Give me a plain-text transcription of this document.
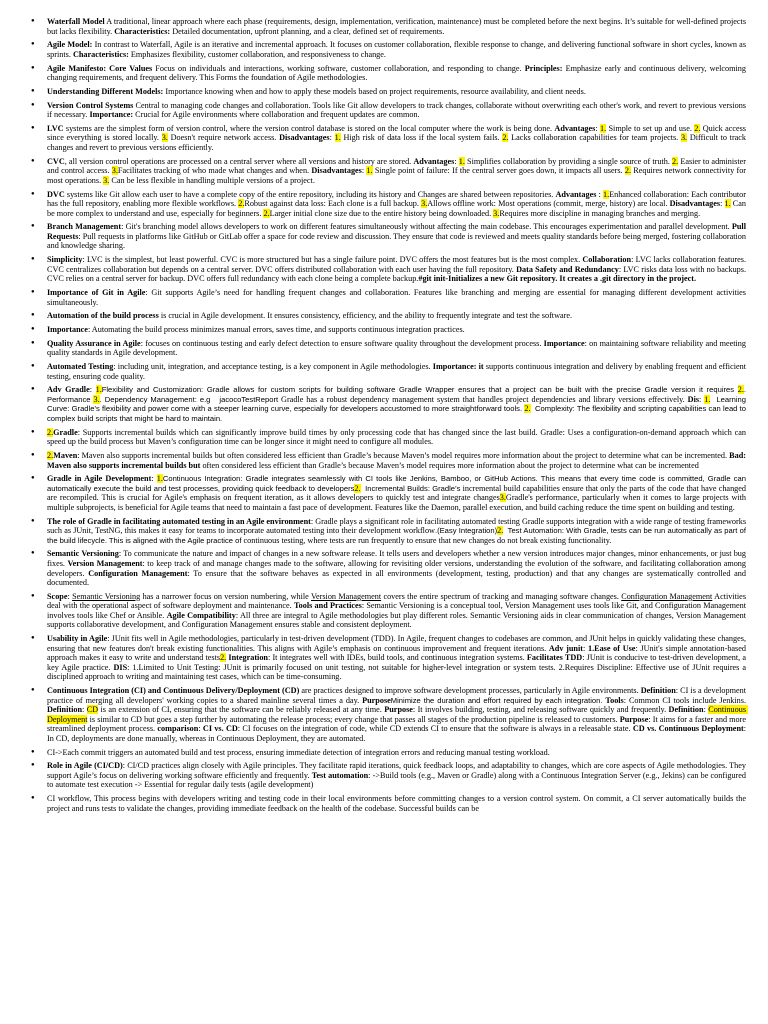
● Waterfall Model A traditional, linear approach where each phase (requirements, design, implementation, verification, maintenance) must be completed before the next begins. It’s suitable for well-defined projects but lacks flexibility. Characteristics: Detailed documentation, upfront planning, and a clear, defined set of requirements.
● Agile Model: In contrast to Waterfall, Agile is an iterative and incremental approach. It focuses on customer collaboration, flexible response to change, and delivering functional software in short cycles, known as sprints. Characteristics: Emphasizes flexibility, customer collaboration, and responsiveness to change.
● Agile Manifesto: Core Values Focus on individuals and interactions, working software, customer collaboration, and responding to change. Principles: Emphasize early and continuous delivery, welcoming changing requirements, and frequent delivery. This Forms the foundation of Agile methodologies.
● Understanding Different Models: Importance knowing when and how to apply these models based on project requirements, resource availability, and client needs.
● Version Control Systems Central to managing code changes and collaboration. Tools like Git allow developers to track changes, collaborate without overwriting each other's work, and revert to previous versions if necessary. Importance: Crucial for Agile environments where collaboration and frequent updates are common.
● LVC systems are the simplest form of version control, where the version control database is stored on the local computer where the work is being done. Advantages: 1. Simple to set up and use. 2. Quick access since everything is stored locally. 3. Doesn't require network access. Disadvantages: 1. High risk of data loss if the local system fails. 2. Lacks collaboration capabilities for team projects. 3. Difficult to track changes and revert to previous versions efficiently.
● CVC, all version control operations are processed on a central server where all versions and history are stored. Advantages: 1. Simplifies collaboration by providing a single source of truth. 2. Easier to administer and control access. 3.Facilitates tracking of who made what changes and when. Disadvantages: 1. Single point of failure: If the central server goes down, it impacts all users. 2. Requires network connectivity for most operations. 3. Can be less flexible in handling multiple versions of a project.
● DVC systems like Git allow each user to have a complete copy of the entire repository, including its history and Changes are shared between repositories. Advantages : 1.Enhanced collaboration: Each contributor has the full repository, enabling more flexible workflows. 2.Robust against data loss: Each clone is a full backup. 3.Allows offline work: Most operations (commit, merge, history) are local. Disadvantages: 1. Can be more complex to understand and use, especially for beginners. 2.Larger initial clone size due to the entire history being downloaded. 3.Requires more discipline in managing branches and merging.
● Branch Management: Git's branching model allows developers to work on different features simultaneously without affecting the main codebase. This encourages experimentation and parallel development. Pull Requests: Pull requests in platforms like GitHub or GitLab offer a space for code review and discussion. They ensure that code is reviewed and meets quality standards before being merged, fostering collaboration and knowledge sharing.
● Simplicity: LVC is the simplest, but least powerful. CVC is more structured but has a single failure point. DVC offers the most features but is the most complex. Collaboration: LVC lacks collaboration features. CVC centralizes collaboration but depends on a central server. DVC offers distributed collaboration with each user having the full repository. Data Safety and Redundancy: LVC risks data loss with no backups. CVC relies on a central server for backup. DVC offers full redundancy with each clone being a complete backup.#git init-Initializes a new Git repository. It creates a .git directory in the project.
● Importance of Git in Agile: Git supports Agile’s need for handling frequent changes and collaboration. Features like branching and merging are essential for managing different development activities simultaneously.
● Automation of the build process is crucial in Agile development. It ensures consistency, efficiency, and the ability to frequently integrate and test the software.
● Importance: Automating the build process minimizes manual errors, saves time, and supports continuous integration practices.
● Quality Assurance in Agile: focuses on continuous testing and early defect detection to ensure software quality throughout the development process. Importance: on maintaining software reliability and meeting quality standards in Agile development.
● Automated Testing: including unit, integration, and acceptance testing, is a key component in Agile methodologies. Importance: it supports continuous integration and delivery by enabling frequent and efficient testing, ensuring code quality.
● Adv Gradle: 1.Flexibility and Customization: Gradle allows for custom scripts for building software Gradle Wrapper ensures that a project can be built with the precise Gradle version it requires 2.. Performance 3.. Dependency Management: e.g   jacocoTestReport Gradle has a robust dependency management system that handles project dependencies and library versions effectively. Dis: 1.  Learning Curve: Gradle’s flexibility and power come with a steeper learning curve, especially for developers accustomed to more straightforward tools. 2.  Complexity: The flexibility and scripting capabilities can lead to complex build scripts that might be hard to maintain.
● 2.Gradle: Supports incremental builds which can significantly improve build times by only processing code that has changed since the last build. Gradle: Uses a configuration-on-demand approach which can speed up the build process but Maven’s configuration time can be longer since it might need to configure all modules.
● 2.Maven: Maven also supports incremental builds but often considered less efficient than Gradle’s because Maven’s model requires more information about the project to determine what can be incremented. Bad: Maven also supports incremental builds but often considered less efficient than Gradle’s because Maven’s model requires more information about the project to determine what can be incremented
● Gradle in Agile Development: 1.Continuous Integration: Gradle integrates seamlessly with CI tools like Jenkins, Bamboo, or GitHub Actions. This means that every time code is committed, Gradle can automatically execute the build and test processes, providing quick feedback to developers2.  Incremental Builds: Gradle’s incremental build capabilities ensure that only the parts of the code that have changed are recompiled. This is crucial for Agile's emphasis on frequent iteration, as it allows developers to quickly test and integrate changes3.Gradle's performance, particularly when it comes to large projects with multiple subprojects, is beneficial for Agile teams that need to maintain a fast pace of development. Features like the Daemon, parallel execution, and build caching reduce the time spent on building and testing.
● The role of Gradle in facilitating automated testing in an Agile environment: Gradle plays a significant role in facilitating automated testing Gradle supports integration with a wide range of testing frameworks such as JUnit, TestNG, this makes it easy for teams to incorporate automated testing into their development workflow.(Easy Integration)2.  Test Automation: With Gradle, tests can be run automatically as part of the build lifecycle. This is aligned with the Agile practice of continuous testing, where tests are run frequently to ensure that new changes do not break existing functionality.
● Semantic Versioning: To communicate the nature and impact of changes in a new software release. It tells users and developers whether a new version introduces major changes, minor enhancements, or just bug fixes. Version Management: to keep track of and manage changes made to the software, allowing for revisiting older versions, understanding the evolution of the software, and facilitating collaboration among developers. Configuration Management: To ensure that the software behaves as expected in all environments (development, testing, production) and that any changes are systematically controlled and documented.
● Scope: Semantic Versioning has a narrower focus on version numbering, while Version Management covers the entire spectrum of tracking and managing software changes. Configuration Management Activities deal with the operational aspect of software deployment and maintenance. Tools and Practices: Semantic Versioning is a conceptual tool, Version Management uses tools like Git, and Configuration Management involves tools like Chef or Ansible. Agile Compatibility: All three are integral to Agile methodologies but play different roles. Semantic Versioning aids in clear communication of changes, Version Management supports collaborative development, and Configuration Management ensures stable and consistent deployment.
● Usability in Agile: JUnit fits well in Agile methodologies, particularly in test-driven development (TDD). In Agile, frequent changes to codebases are common, and JUnit helps in quickly validating these changes, ensuring that new features don't break existing functionalities. This aligns with Agile’s emphasis on continuous improvement and frequent iterations. Adv junit: 1.Ease of Use: JUnit's simple annotation-based approach makes it easy to write and understand tests2. Integration: It integrates well with IDEs, build tools, and continuous integration systems. Facilitates TDD: JUnit is conducive to test-driven development, a key Agile practice. DIS: 1.Limited to Unit Testing: JUnit is primarily focused on unit testing, not suitable for higher-level integration or system tests. 2.Requires Discipline: Effective use of JUnit requires a disciplined approach to writing and maintaining test cases, which can be time-consuming.
● Continuous Integration (CI) and Continuous Delivery/Deployment (CD) are practices designed to improve software development processes, particularly in Agile environments. Definition: CI is a development  practice of merging all developers' working copies to a shared mainline several times a day. PurposeMinimize the duration and effort required by each integration. Tools: Common CI tools include Jenkins. Definition: CD is an extension of CI, ensuring that the software can be reliably released at any time. Purpose: It involves building, testing, and releasing software quickly and frequently. Definition: Continuous Deployment is similar to CD but goes a step further by automating the release process; every change that passes all stages of the production pipeline is released to customers. Purpose: It aims for a faster and more streamlined deployment process. comparison: CI vs. CD: CI focuses on the integration of code, while CD extends CI to ensure that the software is always in a releasable state. CD vs. Continuous Deployment: In CD, deployments are done manually, whereas in Continuous Deployment, they are automated.
● CI->Each commit triggers an automated build and test process, ensuring immediate detection of integration errors and reducing manual testing workload.
● Role in Agile (CI/CD): CI/CD practices align closely with Agile principles. They facilitate rapid iterations, quick feedback loops, and adaptability to changes, which are core aspects of Agile methodologies. They support Agile’s focus on delivering working software efficiently and frequently. Test automation: ->Build tools (e.g., Maven or Gradle) along with a Continuous Integration Server (e.g., Jekins) can be configured to automate test execution -> Essential for regular daily tests (agile development)
● CI workflow, This process begins with developers writing and testing code in their local environments before committing changes to a version control system. On commit, a CI server automatically builds the project and runs tests to validate the changes, providing immediate feedback on the health of the codebase. Successful builds can be
